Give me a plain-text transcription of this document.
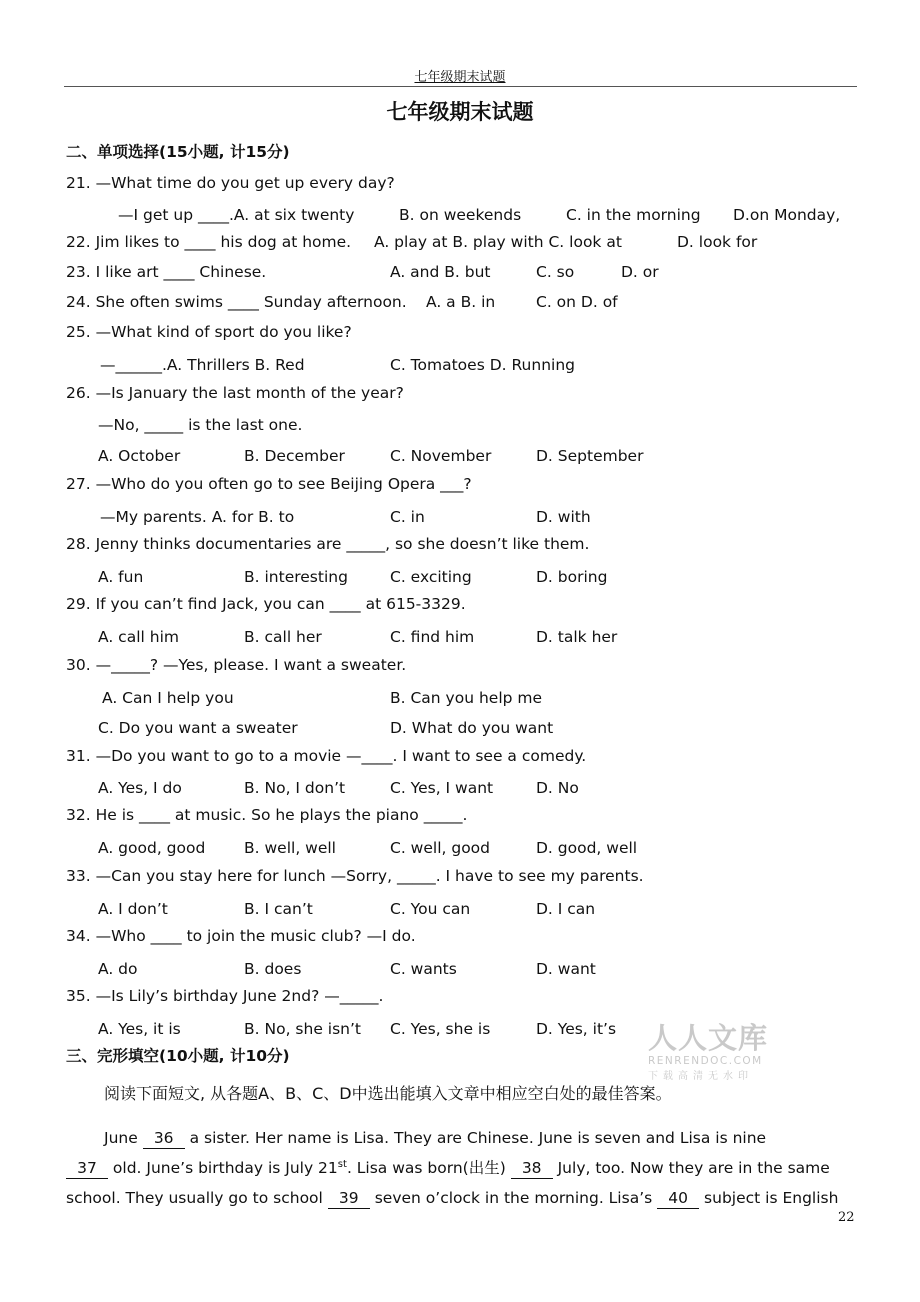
七年级期末试题
七年级期末试题
二、单项选择(15小题, 计15分)
21. —What time do you get up every day?
—I get up ____.A. at six twenty	B. on weekends	C. in the morning D.on Monday,
22. Jim likes to ____ his dog at home. A. play at B. play with C. look at	D. look for
23. I like art ____ Chinese.	A. and B. but	C. so	D. or
24. She often swims ____ Sunday afternoon. A. a B. in	C. on D. of
25. —What kind of sport do you like?
—______.A. Thrillers B. Red	C. Tomatoes D. Running
26. —Is January the last month of the year?
—No, _____ is the last one.
A. October	B. December	C. November	D. September
27. —Who do you often go to see Beijing Opera ___?
—My parents. A. for B. to	C. in	D. with
28. Jenny thinks documentaries are _____, so she doesn’t like them.
A. fun	B. interesting	C. exciting	D. boring
29. If you can’t find Jack, you can ____ at 615-3329.
A. call him	B. call her	C. find him	D. talk her
30. —_____? —Yes, please. I want a sweater.
A. Can I help you	B. Can you help me
C. Do you want a sweater	D. What do you want
31. —Do you want to go to a movie —____. I want to see a comedy.
A. Yes, I do	B. No, I don’t	C. Yes, I want	D. No
32. He is ____ at music. So he plays the piano _____.
A. good, good B. well, well	C. well, good	D. good, well
33. —Can you stay here for lunch —Sorry, _____. I have to see my parents.
A. I don’t	B. I can’t	C. You can	D. I can
34. —Who ____ to join the music club? —I do.
A. do	B. does	C. wants	D. want
35. —Is Lily’s birthday June 2nd? —_____.
A. Yes, it is	B. No, she isn’t C. Yes, she is	D. Yes, it’s 人人文库
RENRENDOC.COM
下载高清无水印
三、完形填空(10小题, 计10分)
阅读下面短文, 从各题A、B、C、D中选出能填入文章中相应空白处的最佳答案。
June 36 a sister. Her name is Lisa. They are Chinese. June is seven and Lisa is nine
37 old. June’s birthday is July 21st. Lisa was born(出生) 38 July, too. Now they are in the same
school. They usually go to school 39 seven o’clock in the morning. Lisa’s 40 subject is English
22
